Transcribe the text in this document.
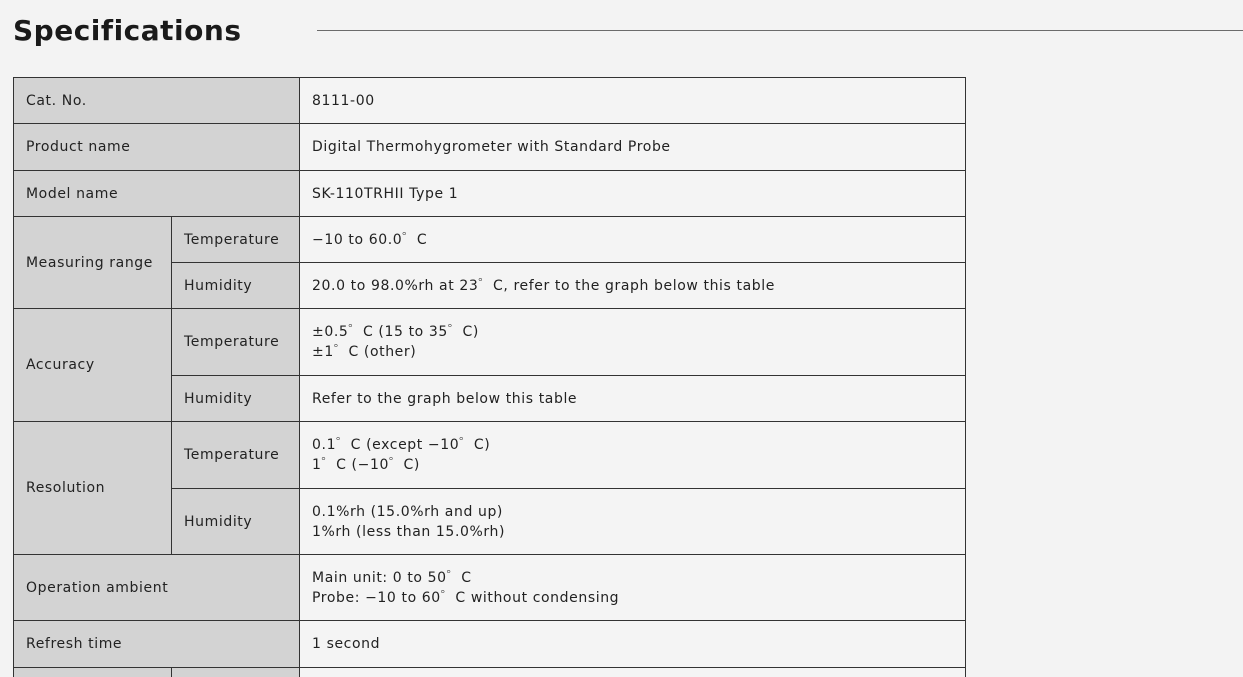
Specifications
Cat. No.		8111-00
Product name		Digital Thermohygrometer with Standard Probe
Model name		SK-110TRHII Type 1
Measuring range	Temperature	−10 to 60.0゜C
	Humidity	20.0 to 98.0%rh at 23゜C, refer to the graph below this table
Accuracy	Temperature	±0.5゜C (15 to 35゜C)
±1゜C (other)

	Humidity	Refer to the graph below this table
Resolution	Temperature	0.1゜C (except −10゜C)
1゜C (−10゜C)

	Humidity	0.1%rh (15.0%rh and up)
1%rh (less than 15.0%rh)

Operation ambient		Main unit: 0 to 50゜C
Probe: −10 to 60゜C without condensing

Refresh time		1 second
